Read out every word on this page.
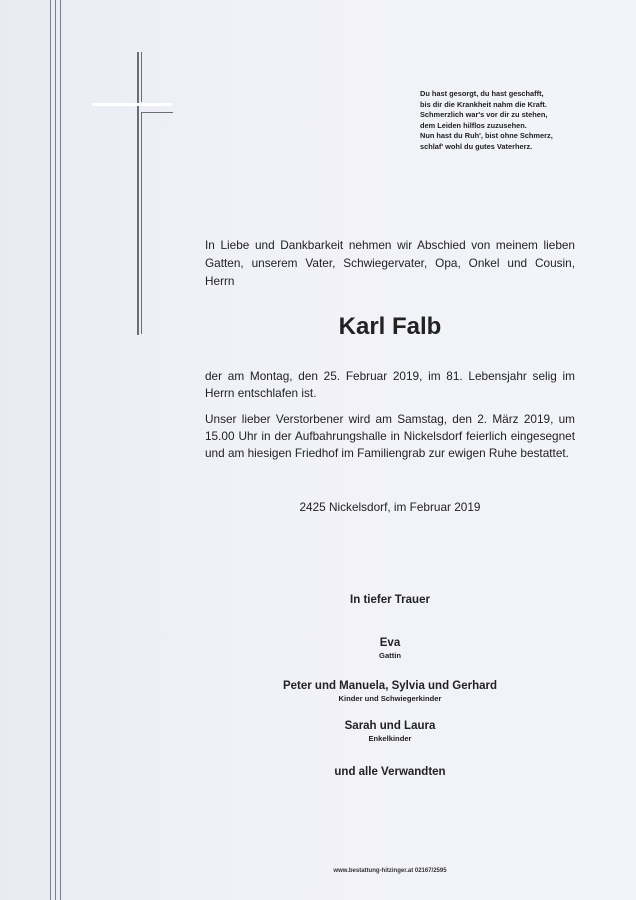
Du hast gesorgt, du hast geschafft,
bis dir die Krankheit nahm die Kraft.
Schmerzlich war's vor dir zu stehen,
dem Leiden hilflos zuzusehen.
Nun hast du Ruh', bist ohne Schmerz,
schlaf' wohl du gutes Vaterherz.
In Liebe und Dankbarkeit nehmen wir Abschied von meinem lieben Gatten, unserem Vater, Schwiegervater, Opa, Onkel und Cousin, Herrn
Karl Falb
der am Montag, den 25. Februar 2019, im 81. Lebensjahr selig im Herrn entschlafen ist.
Unser lieber Verstorbener wird am Samstag, den 2. März 2019, um 15.00 Uhr in der Aufbahrungshalle in Nickelsdorf feierlich eingesegnet und am hiesigen Friedhof im Familiengrab zur ewigen Ruhe bestattet.
2425 Nickelsdorf, im Februar 2019
In tiefer Trauer
Eva
Gattin
Peter und Manuela, Sylvia und Gerhard
Kinder und Schwiegerkinder
Sarah und Laura
Enkelkinder
und alle Verwandten
www.bestattung-hitzinger.at 02167/2595
